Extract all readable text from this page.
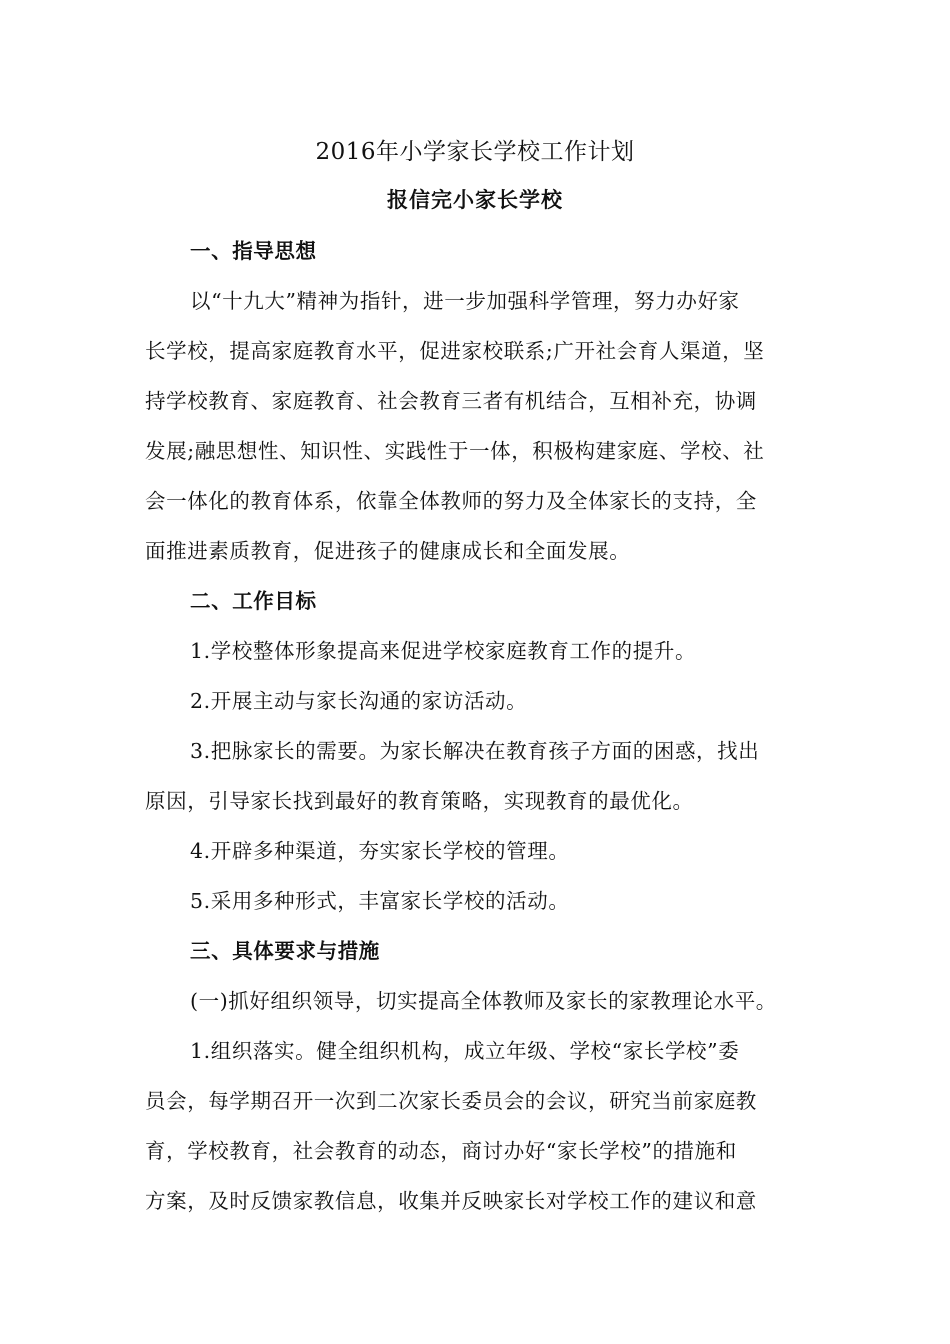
2016年小学家长学校工作计划
报信完小家长学校

一、指导思想

以“十九大”精神为指针，进一步加强科学管理，努力办好家
长学校，提高家庭教育水平，促进家校联系;广开社会育人渠道，坚
持学校教育、家庭教育、社会教育三者有机结合，互相补充，协调
发展;融思想性、知识性、实践性于一体，积极构建家庭、学校、社
会一体化的教育体系，依靠全体教师的努力及全体家长的支持，全
面推进素质教育，促进孩子的健康成长和全面发展。

二、工作目标

1.学校整体形象提高来促进学校家庭教育工作的提升。

2.开展主动与家长沟通的家访活动。

3.把脉家长的需要。为家长解决在教育孩子方面的困惑，找出
原因，引导家长找到最好的教育策略，实现教育的最优化。

4.开辟多种渠道，夯实家长学校的管理。

5.采用多种形式，丰富家长学校的活动。

三、具体要求与措施

(一)抓好组织领导，切实提高全体教师及家长的家教理论水平。

1.组织落实。健全组织机构，成立年级、学校“家长学校”委
员会，每学期召开一次到二次家长委员会的会议，研究当前家庭教
育，学校教育，社会教育的动态，商讨办好“家长学校”的措施和
方案，及时反馈家教信息，收集并反映家长对学校工作的建议和意
